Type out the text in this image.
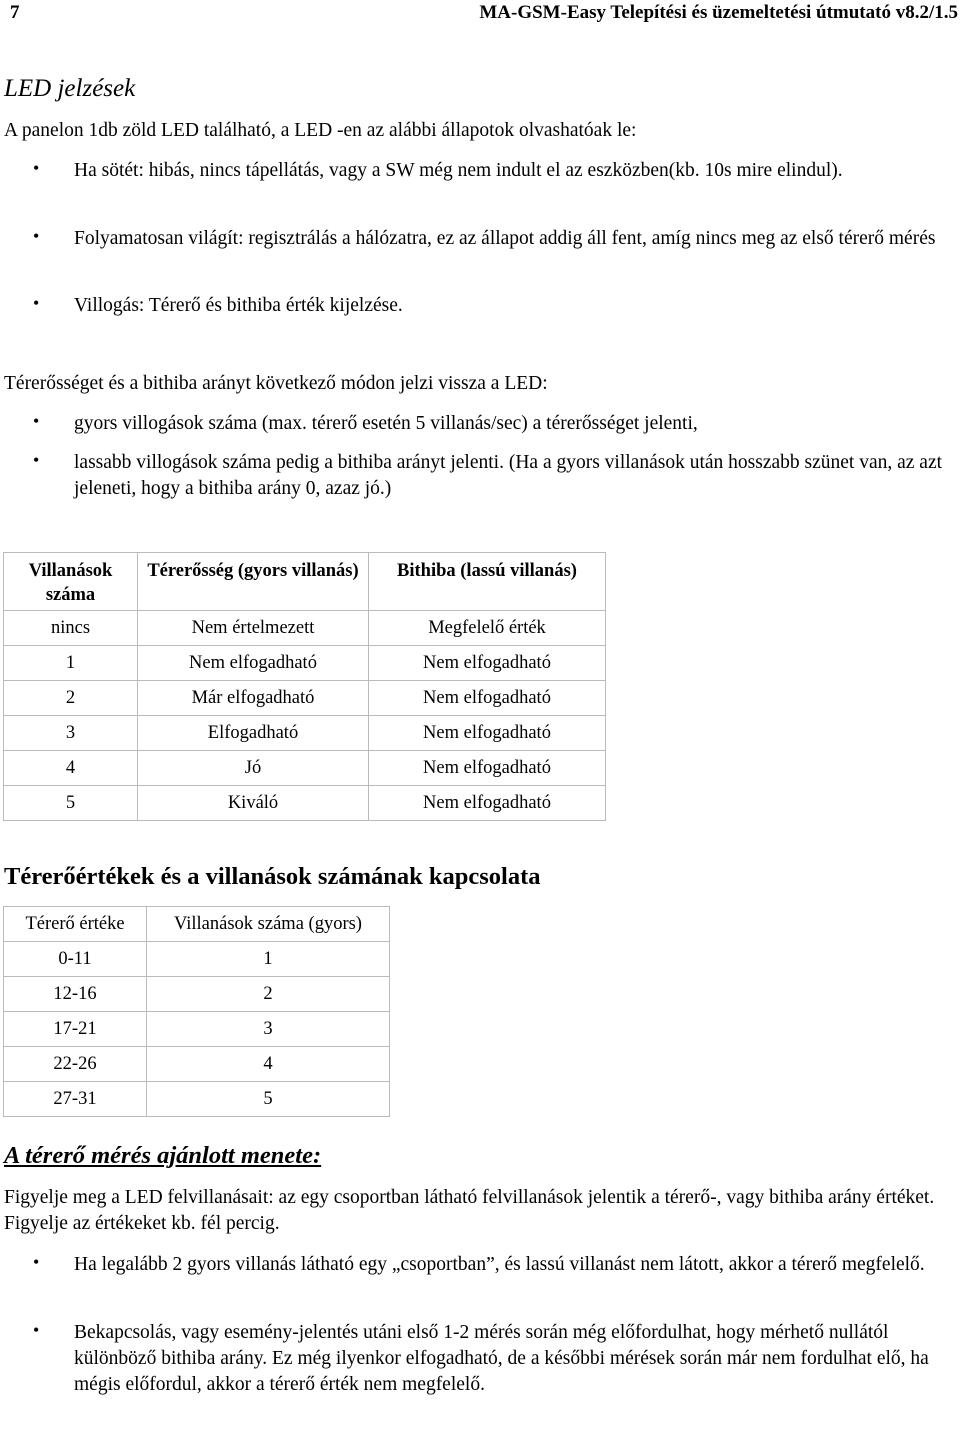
7	MA-GSM-Easy Telepítési és üzemeltetési útmutató v8.2/1.5
LED jelzések
A panelon 1db zöld LED található, a LED -en az alábbi állapotok olvashatóak le:
• Ha sötét: hibás, nincs tápellátás, vagy a SW még nem indult el az eszközben(kb. 10s mire elindul).
• Folyamatosan világít: regisztrálás a hálózatra, ez az állapot addig áll fent, amíg nincs meg az első térerő mérés
• Villogás: Térerő és bithiba érték kijelzése.
Térerősséget és a bithiba arányt következő módon jelzi vissza a LED:
• gyors villogások száma (max. térerő esetén 5 villanás/sec) a térerősséget jelenti,
• lassabb villogások száma pedig a bithiba arányt jelenti. (Ha a gyors villanások után hosszabb szünet van, az azt jeleneti, hogy a bithiba arány 0, azaz jó.)
Villanások száma	Térerősség (gyors villanás)	Bithiba (lassú villanás)
nincs	Nem értelmezett	Megfelelő érték
1	Nem elfogadható	Nem elfogadható
2	Már elfogadható	Nem elfogadható
3	Elfogadható	Nem elfogadható
4	Jó	Nem elfogadható
5	Kiváló	Nem elfogadható
Térerőértékek és a villanások számának kapcsolata
Térerő értéke	Villanások száma (gyors)
0-11	1
12-16	2
17-21	3
22-26	4
27-31	5
A térerő mérés ajánlott menete:
Figyelje meg a LED felvillanásait: az egy csoportban látható felvillanások jelentik a térerő-, vagy bithiba arány értéket. Figyelje az értékeket kb. fél percig.
• Ha legalább 2 gyors villanás látható egy „csoportban”, és lassú villanást nem látott, akkor a térerő megfelelő.
• Bekapcsolás, vagy esemény-jelentés utáni első 1-2 mérés során még előfordulhat, hogy mérhető nullától különböző bithiba arány. Ez még ilyenkor elfogadható, de a későbbi mérések során már nem fordulhat elő, ha mégis előfordul, akkor a térerő érték nem megfelelő.
